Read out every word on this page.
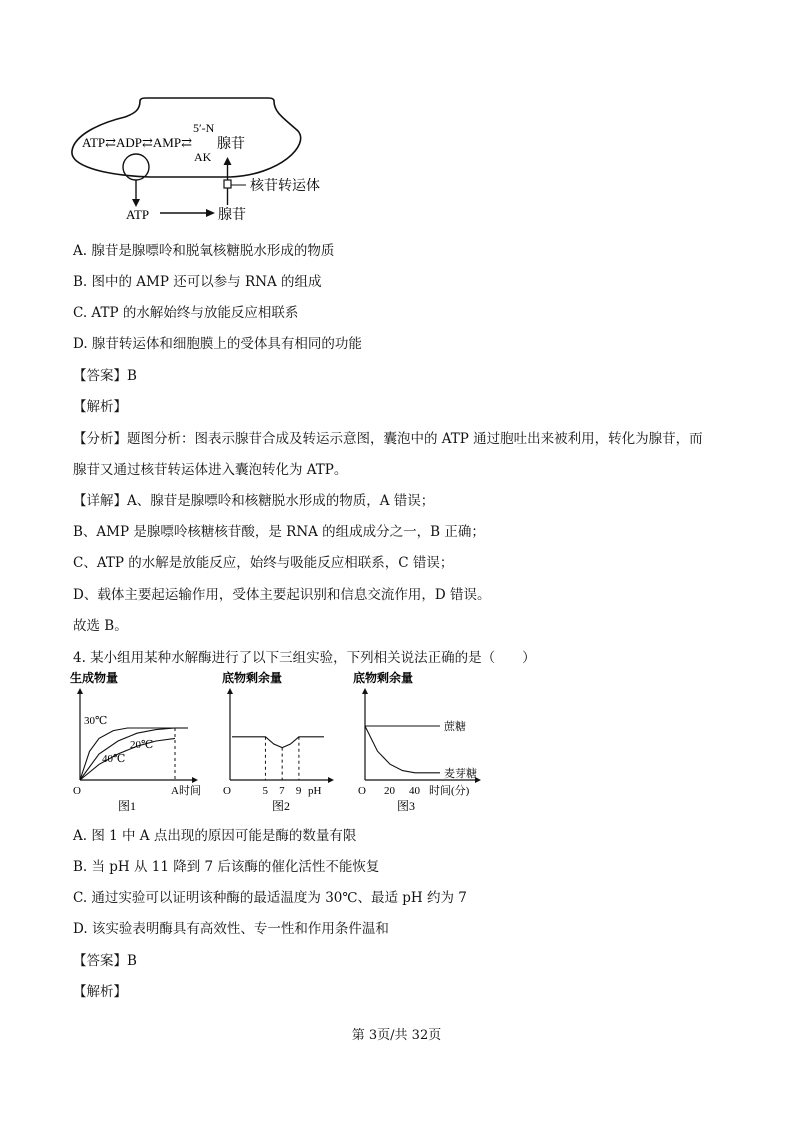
ATP⇄ADP⇄AMP⇄
5′-N
AK
腺苷
核苷转运体
ATP	腺苷
A. 腺苷是腺嘌呤和脱氧核糖脱水形成的物质
B. 图中的 AMP 还可以参与 RNA 的组成
C. ATP 的水解始终与放能反应相联系
D. 腺苷转运体和细胞膜上的受体具有相同的功能
【答案】B
【解析】
【分析】题图分析：图表示腺苷合成及转运示意图，囊泡中的 ATP 通过胞吐出来被利用，转化为腺苷，而
腺苷又通过核苷转运体进入囊泡转化为 ATP。
【详解】A、腺苷是腺嘌呤和核糖脱水形成的物质，A 错误；
B、AMP 是腺嘌呤核糖核苷酸，是 RNA 的组成成分之一，B 正确；
C、ATP 的水解是放能反应，始终与吸能反应相联系，C 错误；
D、载体主要起运输作用，受体主要起识别和信息交流作用，D 错误。
故选 B。
4. 某小组用某种水解酶进行了以下三组实验，下列相关说法正确的是（　　）
生成物量
30℃
20℃
40℃
O	A 时间
图1
底物剩余量
5 7 9
O	pH
图2
底物剩余量
蔗糖
麦芽糖
O 20 40 时间(分)
图3
A. 图 1 中 A 点出现的原因可能是酶的数量有限
B. 当 pH 从 11 降到 7 后该酶的催化活性不能恢复
C. 通过实验可以证明该种酶的最适温度为 30℃、最适 pH 约为 7
D. 该实验表明酶具有高效性、专一性和作用条件温和
【答案】B
【解析】
第 3页/共 32页
